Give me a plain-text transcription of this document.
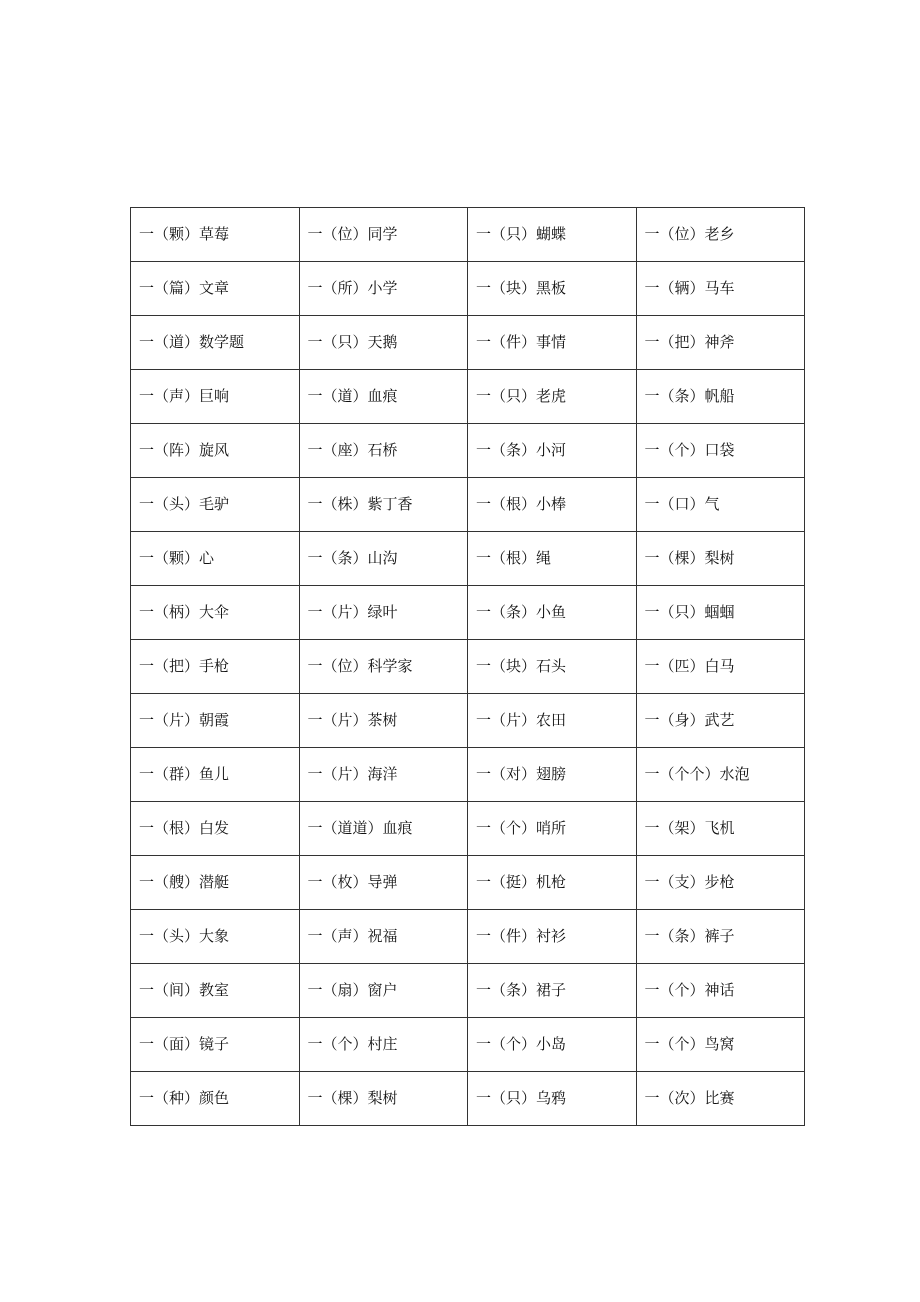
一（颗）草莓	一（位）同学	一（只）蝴蝶	一（位）老乡
一（篇）文章	一（所）小学	一（块）黑板	一（辆）马车
一（道）数学题	一（只）天鹅	一（件）事情	一（把）神斧
一（声）巨响	一（道）血痕	一（只）老虎	一（条）帆船
一（阵）旋风	一（座）石桥	一（条）小河	一（个）口袋
一（头）毛驴	一（株）紫丁香	一（根）小棒	一（口）气
一（颗）心	一（条）山沟	一（根）绳	一（棵）梨树
一（柄）大伞	一（片）绿叶	一（条）小鱼	一（只）蝈蝈
一（把）手枪	一（位）科学家	一（块）石头	一（匹）白马
一（片）朝霞	一（片）茶树	一（片）农田	一（身）武艺
一（群）鱼儿	一（片）海洋	一（对）翅膀	一（个个）水泡
一（根）白发	一（道道）血痕	一（个）哨所	一（架）飞机
一（艘）潜艇	一（枚）导弹	一（挺）机枪	一（支）步枪
一（头）大象	一（声）祝福	一（件）衬衫	一（条）裤子
一（间）教室	一（扇）窗户	一（条）裙子	一（个）神话
一（面）镜子	一（个）村庄	一（个）小岛	一（个）鸟窝
一（种）颜色	一（棵）梨树	一（只）乌鸦	一（次）比赛
